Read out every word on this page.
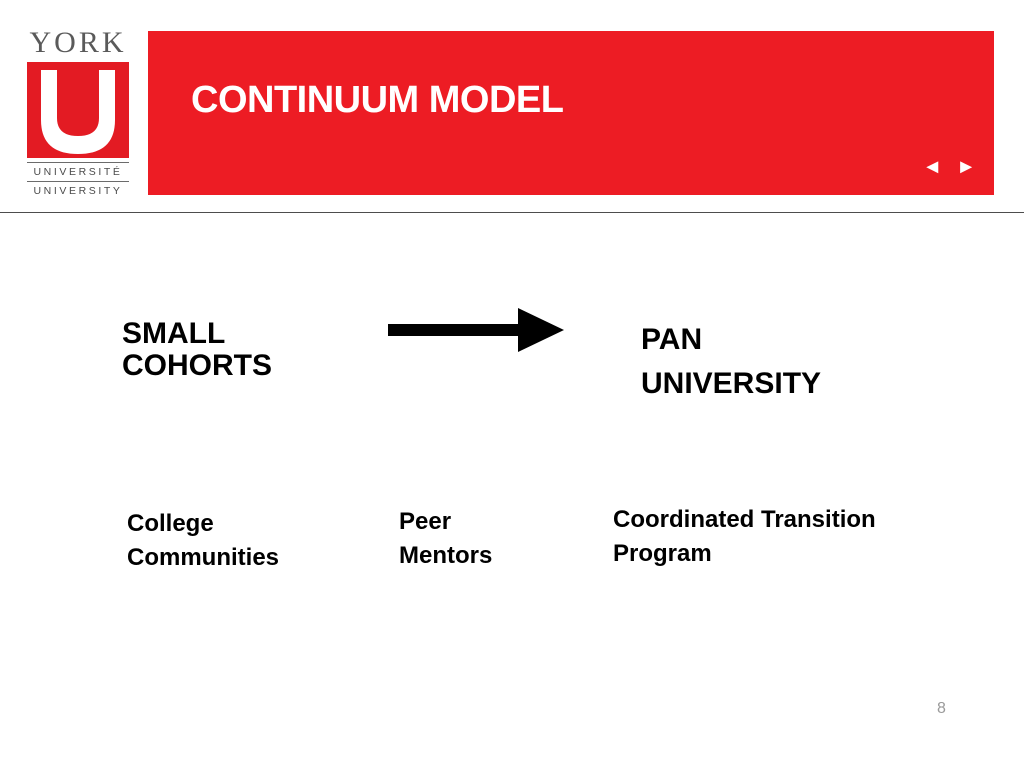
YORK
UNIVERSITÉ
UNIVERSITY
CONTINUUM MODEL
◄ ►
SMALL
COHORTS
PAN
UNIVERSITY
College
Communities
Peer
Mentors
Coordinated Transition
Program
8
